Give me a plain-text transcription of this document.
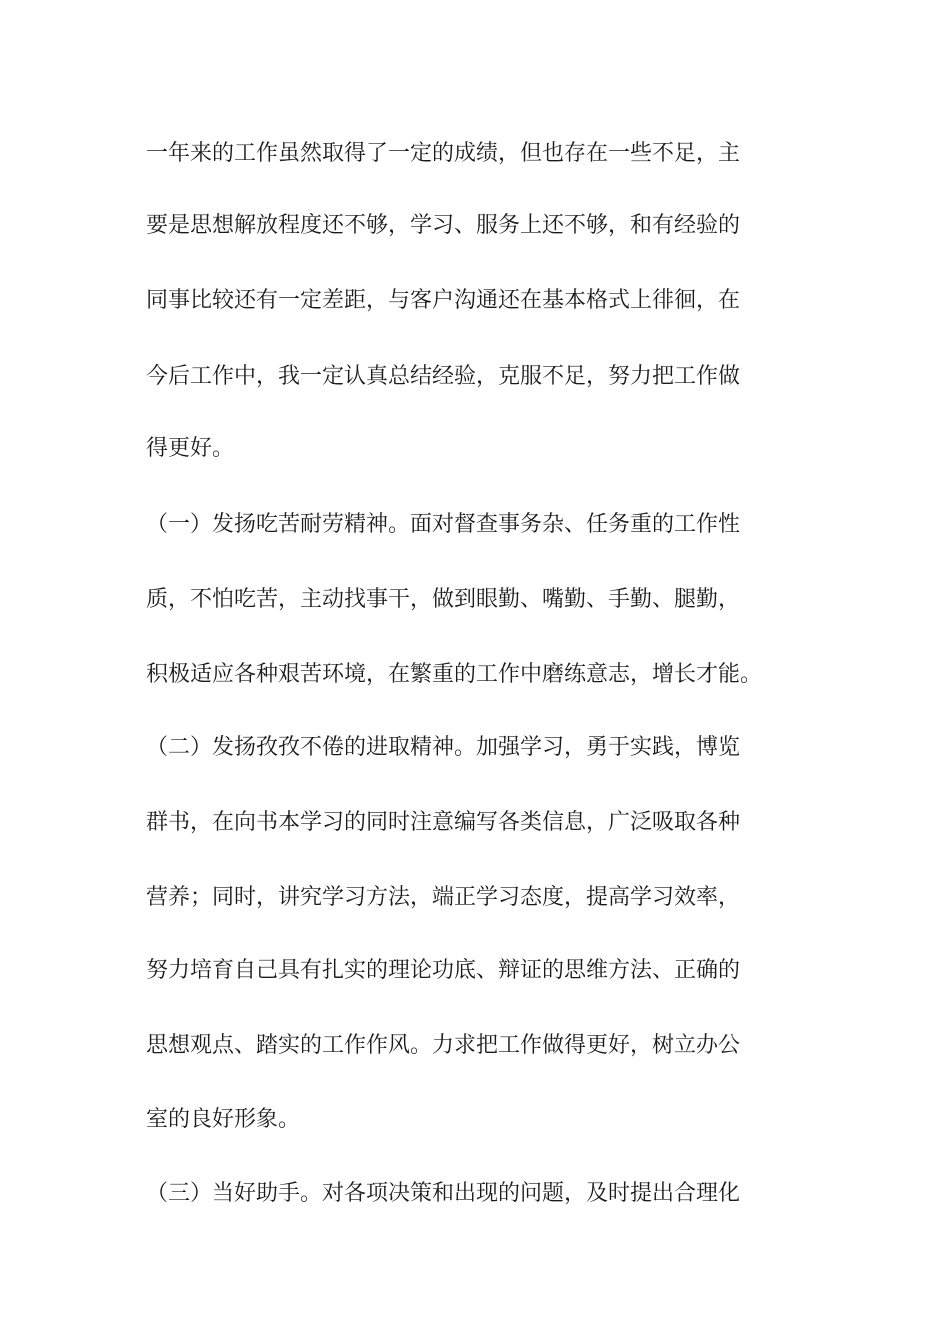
一年来的工作虽然取得了一定的成绩，但也存在一些不足，主
要是思想解放程度还不够，学习、服务上还不够，和有经验的
同事比较还有一定差距，与客户沟通还在基本格式上徘徊，在
今后工作中，我一定认真总结经验，克服不足，努力把工作做
得更好。
（一）发扬吃苦耐劳精神。面对督查事务杂、任务重的工作性
质，不怕吃苦，主动找事干，做到眼勤、嘴勤、手勤、腿勤，
积极适应各种艰苦环境，在繁重的工作中磨练意志，增长才能。
（二）发扬孜孜不倦的进取精神。加强学习，勇于实践，博览
群书，在向书本学习的同时注意编写各类信息，广泛吸取各种
营养；同时，讲究学习方法，端正学习态度，提高学习效率，
努力培育自己具有扎实的理论功底、辩证的思维方法、正确的
思想观点、踏实的工作作风。力求把工作做得更好，树立办公
室的良好形象。
（三）当好助手。对各项决策和出现的问题，及时提出合理化
